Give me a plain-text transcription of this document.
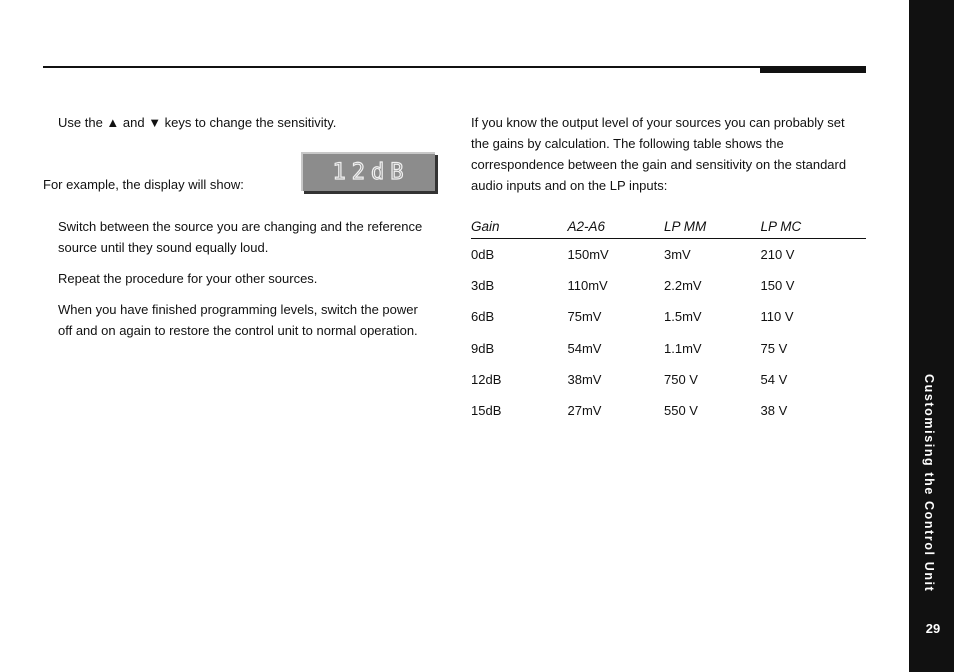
Use the ▲ and ▼ keys to change the sensitivity.

For example, the display will show:	12dB

Switch between the source you are changing and the reference source until they sound equally loud.

Repeat the procedure for your other sources.

When you have finished programming levels, switch the power off and on again to restore the control unit to normal operation.

If you know the output level of your sources you can probably set the gains by calculation. The following table shows the correspondence between the gain and sensitivity on the standard audio inputs and on the LP inputs:

Gain	A2-A6	LP MM	LP MC
0dB	150mV	3mV	210 V
3dB	110mV	2.2mV	150 V
6dB	75mV	1.5mV	110 V
9dB	54mV	1.1mV	75 V
12dB	38mV	750 V	54 V
15dB	27mV	550 V	38 V	Customising the Control Unit
29
